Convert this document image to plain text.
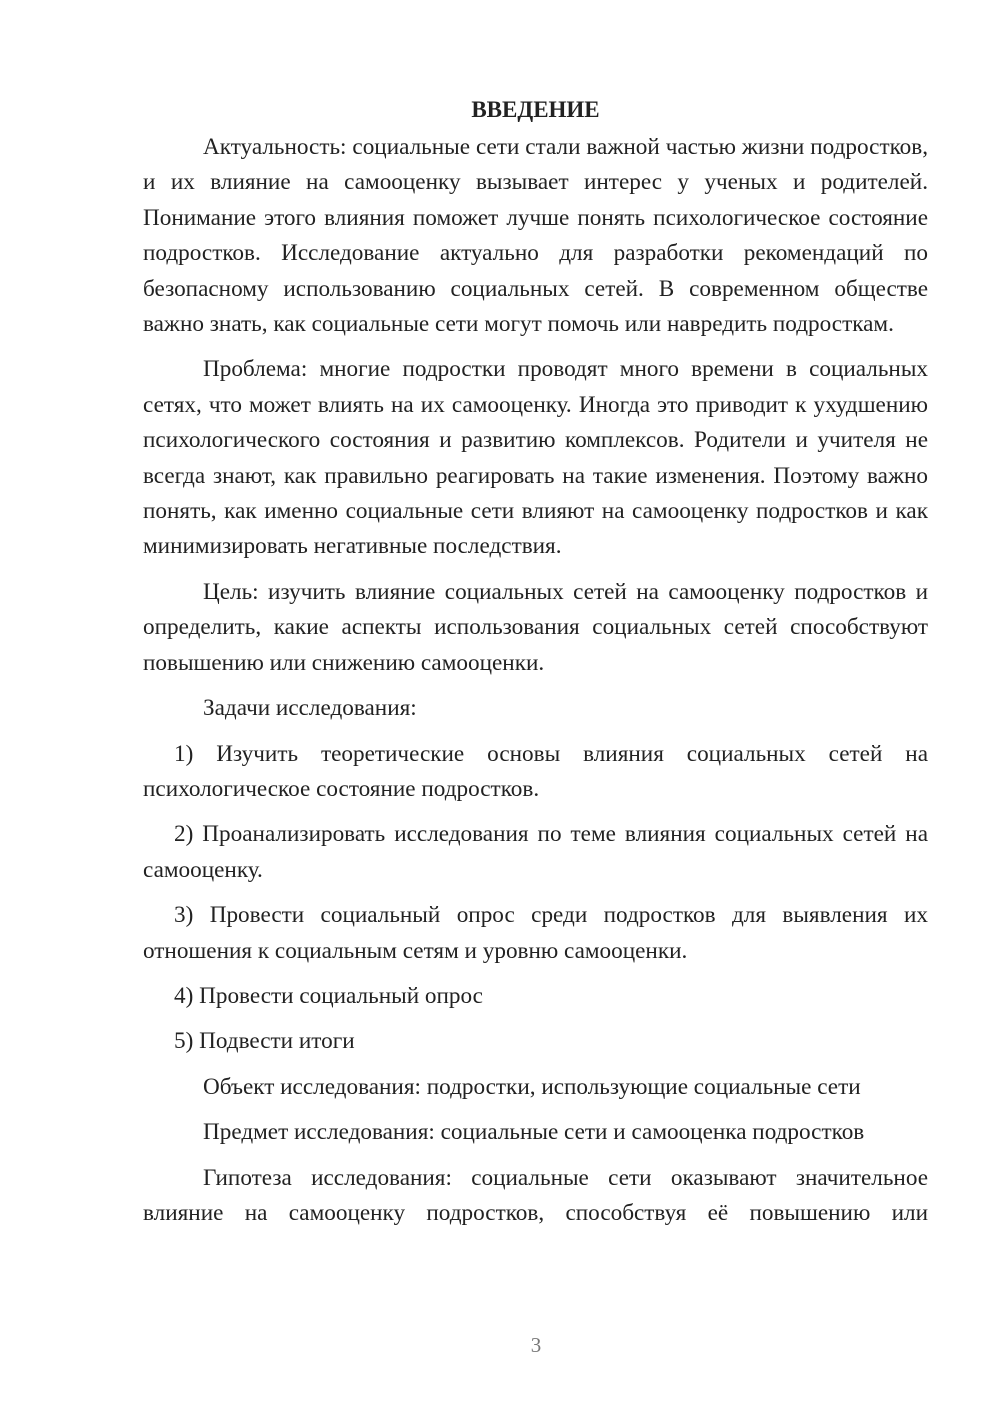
ВВЕДЕНИЕ

Актуальность: социальные сети стали важной частью жизни подростков, и их влияние на самооценку вызывает интерес у ученых и родителей. Понимание этого влияния поможет лучше понять психологическое состояние подростков. Исследование актуально для разработки рекомендаций по безопасному использованию социальных сетей. В современном обществе важно знать, как социальные сети могут помочь или навредить подросткам.

Проблема: многие подростки проводят много времени в социальных сетях, что может влиять на их самооценку. Иногда это приводит к ухудшению психологического состояния и развитию комплексов. Родители и учителя не всегда знают, как правильно реагировать на такие изменения. Поэтому важно понять, как именно социальные сети влияют на самооценку подростков и как минимизировать негативные последствия.

Цель: изучить влияние социальных сетей на самооценку подростков и определить, какие аспекты использования социальных сетей способствуют повышению или снижению самооценки.

Задачи исследования:

1) Изучить теоретические основы влияния социальных сетей на психологическое состояние подростков.

2) Проанализировать исследования по теме влияния социальных сетей на самооценку.

3) Провести социальный опрос среди подростков для выявления их отношения к социальным сетям и уровню самооценки.

4) Провести социальный опрос

5) Подвести итоги

Объект исследования: подростки, использующие социальные сети

Предмет исследования: социальные сети и самооценка подростков

Гипотеза исследования: социальные сети оказывают значительное влияние на самооценку подростков, способствуя её повышению или

3
